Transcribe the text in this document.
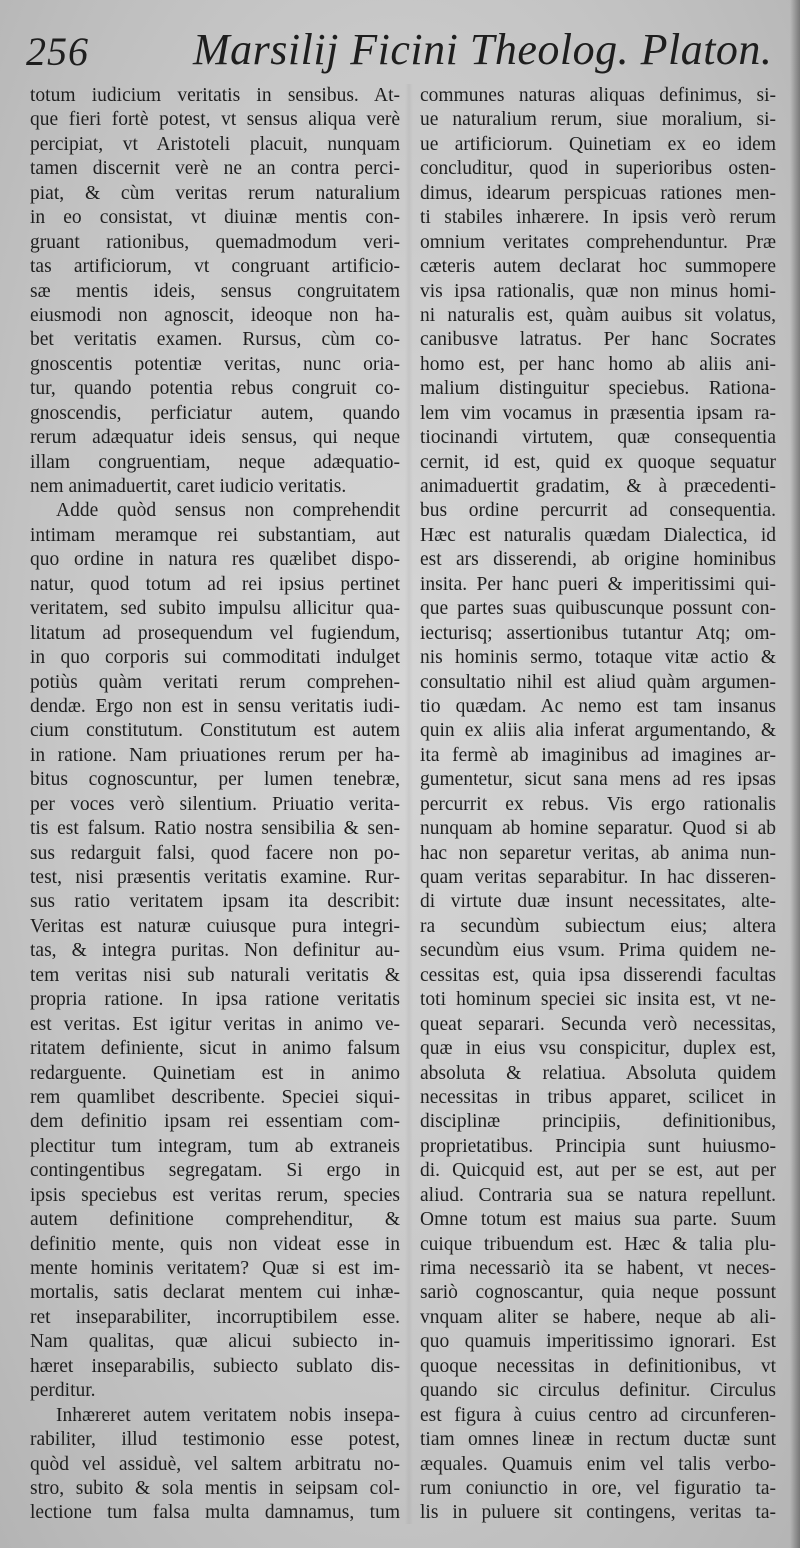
256 Marsilij Ficini Theolog. Platon.
totum iudicium veritatis in sensibus. At-
que fieri fortè potest, vt sensus aliqua verè
percipiat, vt Aristoteli placuit, nunquam
tamen discernit verè ne an contra perci-
piat, & cùm veritas rerum naturalium
in eo consistat, vt diuinæ mentis con-
gruant rationibus, quemadmodum veri-
tas artificiorum, vt congruant artificio-
sæ mentis ideis, sensus congruitatem
eiusmodi non agnoscit, ideoque non ha-
bet veritatis examen. Rursus, cùm co-
gnoscentis potentiæ veritas, nunc oria-
tur, quando potentia rebus congruit co-
gnoscendis, perficiatur autem, quando
rerum adæquatur ideis sensus, qui neque
illam congruentiam, neque adæquatio-
nem animaduertit, caret iudicio veritatis.
Adde quòd sensus non comprehendit
intimam meramque rei substantiam, aut
quo ordine in natura res quælibet dispo-
natur, quod totum ad rei ipsius pertinet
veritatem, sed subito impulsu allicitur qua-
litatum ad prosequendum vel fugiendum,
in quo corporis sui commoditati indulget
potiùs quàm veritati rerum comprehen-
dendæ. Ergo non est in sensu veritatis iudi-
cium constitutum. Constitutum est autem
in ratione. Nam priuationes rerum per ha-
bitus cognoscuntur, per lumen tenebræ,
per voces verò silentium. Priuatio verita-
tis est falsum. Ratio nostra sensibilia & sen-
sus redarguit falsi, quod facere non po-
test, nisi præsentis veritatis examine. Rur-
sus ratio veritatem ipsam ita describit:
Veritas est naturæ cuiusque pura integri-
tas, & integra puritas. Non definitur au-
tem veritas nisi sub naturali veritatis &
propria ratione. In ipsa ratione veritatis
est veritas. Est igitur veritas in animo ve-
ritatem definiente, sicut in animo falsum
redarguente. Quinetiam est in animo
rem quamlibet describente. Speciei siqui-
dem definitio ipsam rei essentiam com-
plectitur tum integram, tum ab extraneis
contingentibus segregatam. Si ergo in
ipsis speciebus est veritas rerum, species
autem definitione comprehenditur, &
definitio mente, quis non videat esse in
mente hominis veritatem? Quæ si est im-
mortalis, satis declarat mentem cui inhæ-
ret inseparabiliter, incorruptibilem esse.
Nam qualitas, quæ alicui subiecto in-
hæret inseparabilis, subiecto sublato dis-
perditur.
Inhæreret autem veritatem nobis insepa-
rabiliter, illud testimonio esse potest,
quòd vel assiduè, vel saltem arbitratu no-
stro, subito & sola mentis in seipsam col-
lectione tum falsa multa damnamus, tum
communes naturas aliquas definimus, si-
ue naturalium rerum, siue moralium, si-
ue artificiorum. Quinetiam ex eo idem
concluditur, quod in superioribus osten-
dimus, idearum perspicuas rationes men-
ti stabiles inhærere. In ipsis verò rerum
omnium veritates comprehenduntur. Præ
cæteris autem declarat hoc summopere
vis ipsa rationalis, quæ non minus homi-
ni naturalis est, quàm auibus sit volatus,
canibusve latratus. Per hanc Socrates
homo est, per hanc homo ab aliis ani-
malium distinguitur speciebus. Rationa-
lem vim vocamus in præsentia ipsam ra-
tiocinandi virtutem, quæ consequentia
cernit, id est, quid ex quoque sequatur
animaduertit gradatim, & à præcedenti-
bus ordine percurrit ad consequentia.
Hæc est naturalis quædam Dialectica, id
est ars disserendi, ab origine hominibus
insita. Per hanc pueri & imperitissimi qui-
que partes suas quibuscunque possunt con-
iecturisq; assertionibus tutantur Atq; om-
nis hominis sermo, totaque vitæ actio &
consultatio nihil est aliud quàm argumen-
tio quædam. Ac nemo est tam insanus
quin ex aliis alia inferat argumentando, &
ita fermè ab imaginibus ad imagines ar-
gumentetur, sicut sana mens ad res ipsas
percurrit ex rebus. Vis ergo rationalis
nunquam ab homine separatur. Quod si ab
hac non separetur veritas, ab anima nun-
quam veritas separabitur. In hac disseren-
di virtute duæ insunt necessitates, alte-
ra secundùm subiectum eius; altera
secundùm eius vsum. Prima quidem ne-
cessitas est, quia ipsa disserendi facultas
toti hominum speciei sic insita est, vt ne-
queat separari. Secunda verò necessitas,
quæ in eius vsu conspicitur, duplex est,
absoluta & relatiua. Absoluta quidem
necessitas in tribus apparet, scilicet in
disciplinæ principiis, definitionibus,
proprietatibus. Principia sunt huiusmo-
di. Quicquid est, aut per se est, aut per
aliud. Contraria sua se natura repellunt.
Omne totum est maius sua parte. Suum
cuique tribuendum est. Hæc & talia plu-
rima necessariò ita se habent, vt neces-
sariò cognoscantur, quia neque possunt
vnquam aliter se habere, neque ab ali-
quo quamuis imperitissimo ignorari. Est
quoque necessitas in definitionibus, vt
quando sic circulus definitur. Circulus
est figura à cuius centro ad circunferen-
tiam omnes lineæ in rectum ductæ sunt
æquales. Quamuis enim vel talis verbo-
rum coniunctio in ore, vel figuratio ta-
lis in puluere sit contingens, veritas ta-
